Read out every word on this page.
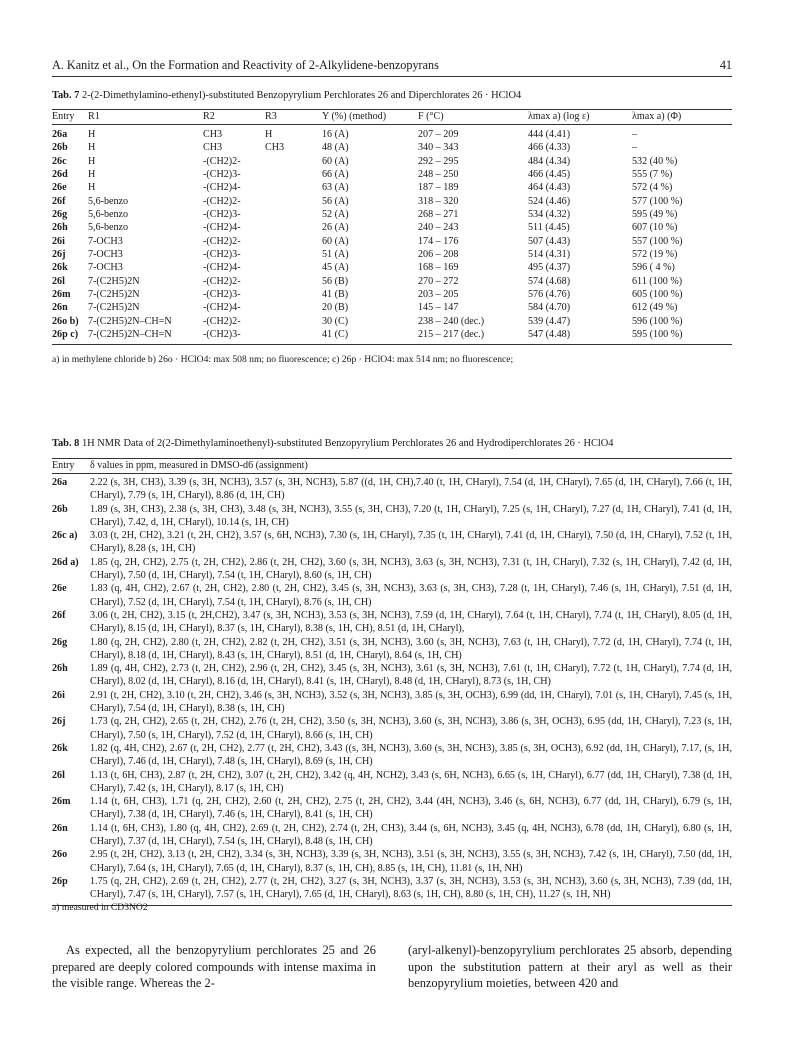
A. Kanitz et al., On the Formation and Reactivity of 2-Alkylidene-benzopyrans	41
Tab. 7 2-(2-Dimethylamino-ethenyl)-substituted Benzopyrylium Perchlorates 26 and Diperchlorates 26 · HClO4
Entry	R1	R2	R3	Y (%) (method)	F (°C)	λmax a) (log ε)	λmax a) (Φ)
26a	H	CH3	H	16 (A)	207 – 209	444 (4.41)	–
26b	H	CH3	CH3	48 (A)	340 – 343	466 (4.33)	–
26c	H	-(CH2)2-		60 (A)	292 – 295	484 (4.34)	532 (40 %)
26d	H	-(CH2)3-		66 (A)	248 – 250	466 (4.45)	555 (7 %)
26e	H	-(CH2)4-		63 (A)	187 – 189	464 (4.43)	572 (4 %)
26f	5,6-benzo	-(CH2)2-		56 (A)	318 – 320	524 (4.46)	577 (100 %)
26g	5,6-benzo	-(CH2)3-		52 (A)	268 – 271	534 (4.32)	595 (49 %)
26h	5,6-benzo	-(CH2)4-		26 (A)	240 – 243	511 (4.45)	607 (10 %)
26i	7-OCH3	-(CH2)2-		60 (A)	174 – 176	507 (4.43)	557 (100 %)
26j	7-OCH3	-(CH2)3-		51 (A)	206 – 208	514 (4.31)	572 (19 %)
26k	7-OCH3	-(CH2)4-		45 (A)	168 – 169	495 (4.37)	596 ( 4 %)
26l	7-(C2H5)2N	-(CH2)2-		56 (B)	270 – 272	574 (4.68)	611 (100 %)
26m	7-(C2H5)2N	-(CH2)3-		41 (B)	203 – 205	576 (4.76)	605 (100 %)
26n	7-(C2H5)2N	-(CH2)4-		20 (B)	145 – 147	584 (4.70)	612 (49 %)
26o b)	7-(C2H5)2N–CH=N	-(CH2)2-		30 (C)	238 – 240 (dec.)	539 (4.47)	596 (100 %)
26p c)	7-(C2H5)2N–CH=N	-(CH2)3-		41 (C)	215 – 217 (dec.)	547 (4.48)	595 (100 %)
a) in methylene chloride b) 26o · HClO4: max 508 nm; no fluorescence; c) 26p · HClO4: max 514 nm; no fluorescence;
Tab. 8 1H NMR Data of 2(2-Dimethylaminoethenyl)-substituted Benzopyrylium Perchlorates 26 and Hydrodiperchlorates 26 · HClO4
Entry	δ values in ppm, measured in DMSO-d6 (assignment)
26a	2.22 (s, 3H, CH3), 3.39 (s, 3H, NCH3), 3.57 (s, 3H, NCH3), 5.87 ((d, 1H, CH),7.40 (t, 1H, CHaryl), 7.54 (d, 1H, CHaryl), 7.65 (d, 1H, CHaryl), 7.66 (t, 1H, CHaryl), 7.79 (s, 1H, CHaryl), 8.86 (d, 1H, CH)
26b	1.89 (s, 3H, CH3), 2.38 (s, 3H, CH3), 3.48 (s, 3H, NCH3), 3.55 (s, 3H, CH3), 7.20 (t, 1H, CHaryl), 7.25 (s, 1H, CHaryl), 7.27 (d, 1H, CHaryl), 7.41 (d, 1H, CHaryl), 7.42, d, 1H, CHaryl), 10.14 (s, 1H, CH)
26c a)	3.03 (t, 2H, CH2), 3.21 (t, 2H, CH2), 3.57 (s, 6H, NCH3), 7.30 (s, 1H, CHaryl), 7.35 (t, 1H, CHaryl), 7.41 (d, 1H, CHaryl), 7.50 (d, 1H, CHaryl), 7.52 (t, 1H, CHaryl), 8.28 (s, 1H, CH)
26d a)	1.85 (q, 2H, CH2), 2.75 (t, 2H, CH2), 2.86 (t, 2H, CH2), 3.60 (s, 3H, NCH3), 3.63 (s, 3H, NCH3), 7.31 (t, 1H, CHaryl), 7.32 (s, 1H, CHaryl), 7.42 (d, 1H, CHaryl), 7.50 (d, 1H, CHaryl), 7.54 (t, 1H, CHaryl), 8.60 (s, 1H, CH)
26e	1.83 (q, 4H, CH2), 2.67 (t, 2H, CH2), 2.80 (t, 2H, CH2), 3.45 (s, 3H, NCH3), 3.63 (s, 3H, CH3), 7.28 (t, 1H, CHaryl), 7.46 (s, 1H, CHaryl), 7.51 (d, 1H, CHaryl), 7.52 (d, 1H, CHaryl), 7.54 (t, 1H, CHaryl), 8.76 (s, 1H, CH)
26f	3.06 (t, 2H, CH2), 3.15 (t, 2H,CH2), 3.47 (s, 3H, NCH3), 3.53 (s, 3H, NCH3), 7.59 (d, 1H, CHaryl), 7.64 (t, 1H, CHaryl), 7.74 (t, 1H, CHaryl), 8.05 (d, 1H, CHaryl), 8.15 (d, 1H, CHaryl), 8.37 (s, 1H, CHaryl), 8.38 (s, 1H, CH), 8.51 (d, 1H, CHaryl),
26g	1.80 (q, 2H, CH2), 2.80 (t, 2H, CH2), 2.82 (t, 2H, CH2), 3.51 (s, 3H, NCH3), 3.60 (s, 3H, NCH3), 7.63 (t, 1H, CHaryl), 7.72 (d, 1H, CHaryl), 7.74 (t, 1H, CHaryl), 8.18 (d, 1H, CHaryl), 8.43 (s, 1H, CHaryl), 8.51 (d, 1H, CHaryl), 8.64 (s, 1H, CH)
26h	1.89 (q, 4H, CH2), 2.73 (t, 2H, CH2), 2.96 (t, 2H, CH2), 3.45 (s, 3H, NCH3), 3.61 (s, 3H, NCH3), 7.61 (t, 1H, CHaryl), 7.72 (t, 1H, CHaryl), 7.74 (d, 1H, CHaryl), 8.02 (d, 1H, CHaryl), 8.16 (d, 1H, CHaryl), 8.41 (s, 1H, CHaryl), 8.48 (d, 1H, CHaryl), 8.73 (s, 1H, CH)
26i	2.91 (t, 2H, CH2), 3.10 (t, 2H, CH2), 3.46 (s, 3H, NCH3), 3.52 (s, 3H, NCH3), 3.85 (s, 3H, OCH3), 6.99 (dd, 1H, CHaryl), 7.01 (s, 1H, CHaryl), 7.45 (s, 1H, CHaryl), 7.54 (d, 1H, CHaryl), 8.38 (s, 1H, CH)
26j	1.73 (q, 2H, CH2), 2.65 (t, 2H, CH2), 2.76 (t, 2H, CH2), 3.50 (s, 3H, NCH3), 3.60 (s, 3H, NCH3), 3.86 (s, 3H, OCH3), 6.95 (dd, 1H, CHaryl), 7.23 (s, 1H, CHaryl), 7.50 (s, 1H, CHaryl), 7.52 (d, 1H, CHaryl), 8.66 (s, 1H, CH)
26k	1.82 (q, 4H, CH2), 2.67 (t, 2H, CH2), 2.77 (t, 2H, CH2), 3.43 ((s, 3H, NCH3), 3.60 (s, 3H, NCH3), 3.85 (s, 3H, OCH3), 6.92 (dd, 1H, CHaryl), 7.17, (s, 1H, CHaryl), 7.46 (d, 1H, CHaryl), 7.48 (s, 1H, CHaryl), 8.69 (s, 1H, CH)
26l	1.13 (t, 6H, CH3), 2.87 (t, 2H, CH2), 3.07 (t, 2H, CH2), 3.42 (q, 4H, NCH2), 3.43 (s, 6H, NCH3), 6.65 (s, 1H, CHaryl), 6.77 (dd, 1H, CHaryl), 7.38 (d, 1H, CHaryl), 7.42 (s, 1H, CHaryl), 8.17 (s, 1H, CH)
26m	1.14 (t, 6H, CH3), 1.71 (q, 2H, CH2), 2.60 (t, 2H, CH2), 2.75 (t, 2H, CH2), 3.44 (4H, NCH3), 3.46 (s, 6H, NCH3), 6.77 (dd, 1H, CHaryl), 6.79 (s, 1H, CHaryl), 7.38 (d, 1H, CHaryl), 7.46 (s, 1H, CHaryl), 8.41 (s, 1H, CH)
26n	1.14 (t, 6H, CH3), 1.80 (q, 4H, CH2), 2.69 (t, 2H, CH2), 2.74 (t, 2H, CH3), 3.44 (s, 6H, NCH3), 3.45 (q, 4H, NCH3), 6.78 (dd, 1H, CHaryl), 6.80 (s, 1H, CHaryl), 7.37 (d, 1H, CHaryl), 7.54 (s, 1H, CHaryl), 8.48 (s, 1H, CH)
26o	2.95 (t, 2H, CH2), 3.13 (t, 2H, CH2), 3.34 (s, 3H, NCH3), 3.39 (s, 3H, NCH3), 3.51 (s, 3H, NCH3), 3.55 (s, 3H, NCH3), 7.42 (s, 1H, CHaryl), 7.50 (dd, 1H, CHaryl), 7.64 (s, 1H, CHaryl), 7.65 (d, 1H, CHaryl), 8.37 (s, 1H, CH), 8.85 (s, 1H, CH), 11.81 (s, 1H, NH)
26p	1.75 (q, 2H, CH2), 2.69 (t, 2H, CH2), 2.77 (t, 2H, CH2), 3.27 (s, 3H, NCH3), 3.37 (s, 3H, NCH3), 3.53 (s, 3H, NCH3), 3.60 (s, 3H, NCH3), 7.39 (dd, 1H, CHaryl), 7.47 (s, 1H, CHaryl), 7.57 (s, 1H, CHaryl), 7.65 (d, 1H, CHaryl), 8.63 (s, 1H, CH), 8.80 (s, 1H, CH), 11.27 (s, 1H, NH)
a) measured in CD3NO2
As expected, all the benzopyrylium perchlorates 25 and 26 prepared are deeply colored compounds with intense maxima in the visible range. Whereas the 2-
(aryl-alkenyl)-benzopyrylium perchlorates 25 absorb, depending upon the substitution pattern at their aryl as well as their benzopyrylium moieties, between 420 and
